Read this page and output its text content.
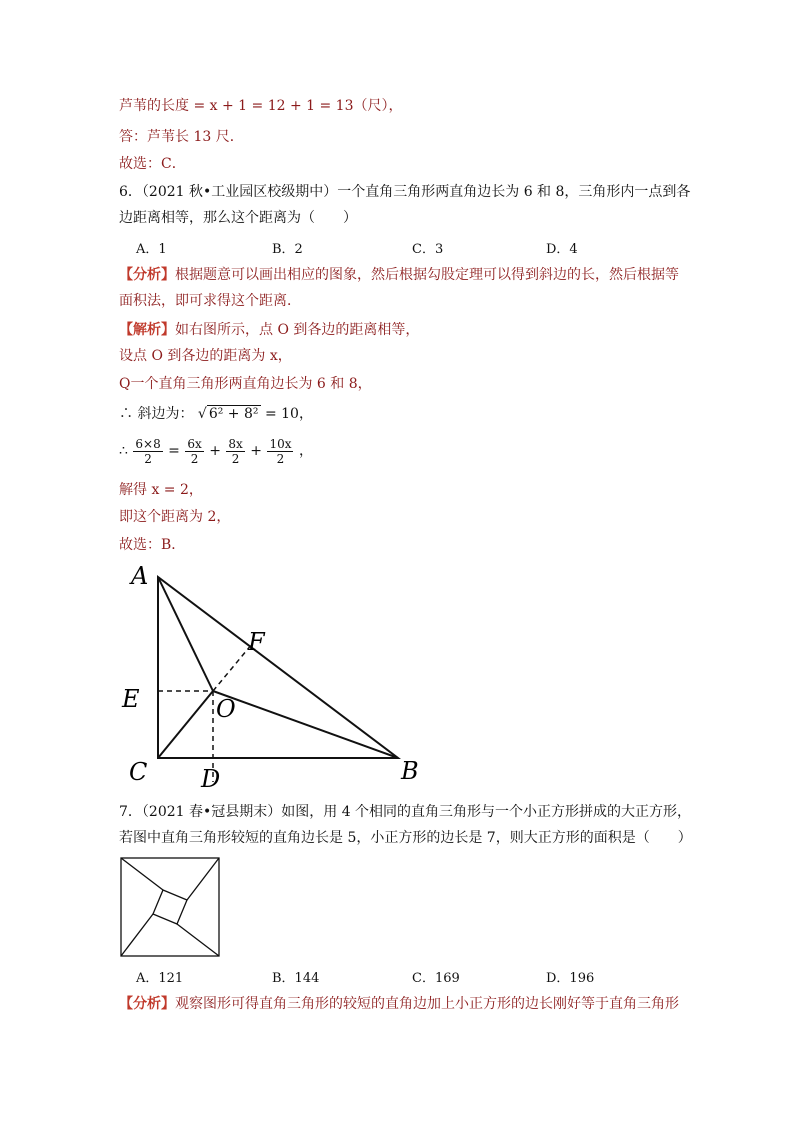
芦苇的长度 = x + 1 = 12 + 1 = 13（尺），
答：芦苇长 13 尺．
故选：C．
6．（2021 秋•工业园区校级期中）一个直角三角形两直角边长为 6 和 8，三角形内一点到各
边距离相等，那么这个距离为（　　）
A．1	B．2	C．3	D．4
【分析】根据题意可以画出相应的图象，然后根据勾股定理可以得到斜边的长，然后根据等
面积法，即可求得这个距离．
【解析】如右图所示，点 O 到各边的距离相等，
设点 O 到各边的距离为 x，
Q一个直角三角形两直角边长为 6 和 8，
∴ 斜边为： √ 6² + 8² = 10，
∴ $\frac{6\times 8}{2} = \frac{6x}{2} + \frac{8x}{2} + \frac{10x}{2}$ ，
解得 x = 2，
即这个距离为 2，
故选：B．
A
B
C D
E
F
O
7．（2021 春•冠县期末）如图，用 4 个相同的直角三角形与一个小正方形拼成的大正方形，
若图中直角三角形较短的直角边长是 5，小正方形的边长是 7，则大正方形的面积是（　　）
A．121	B．144	C．169	D．196
【分析】观察图形可得直角三角形的较短的直角边加上小正方形的边长刚好等于直角三角形
